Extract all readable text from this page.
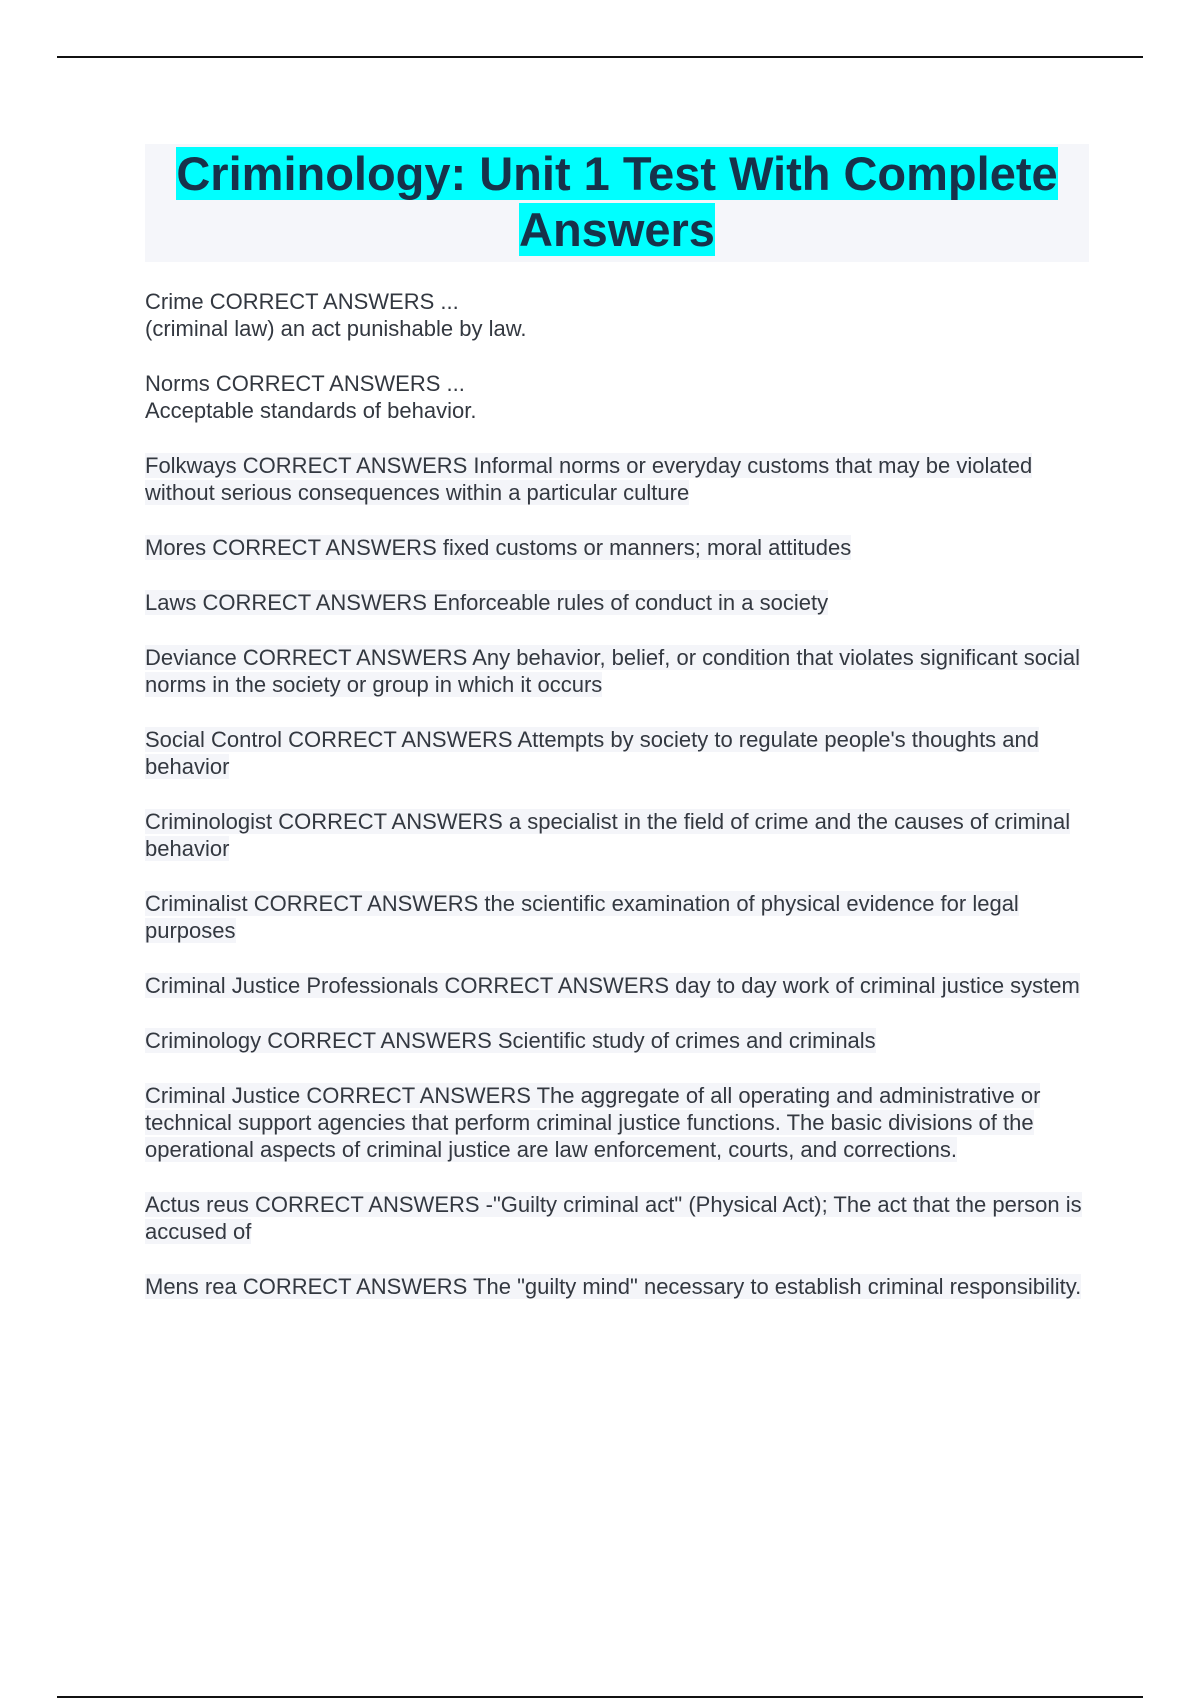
Criminology: Unit 1 Test With Complete Answers

Crime CORRECT ANSWERS ...
(criminal law) an act punishable by law.

Norms CORRECT ANSWERS ...
Acceptable standards of behavior.

Folkways CORRECT ANSWERS Informal norms or everyday customs that may be violated without serious consequences within a particular culture

Mores CORRECT ANSWERS fixed customs or manners; moral attitudes

Laws CORRECT ANSWERS Enforceable rules of conduct in a society

Deviance CORRECT ANSWERS Any behavior, belief, or condition that violates significant social norms in the society or group in which it occurs

Social Control CORRECT ANSWERS Attempts by society to regulate people's thoughts and behavior

Criminologist CORRECT ANSWERS a specialist in the field of crime and the causes of criminal behavior

Criminalist CORRECT ANSWERS the scientific examination of physical evidence for legal purposes

Criminal Justice Professionals CORRECT ANSWERS day to day work of criminal justice system

Criminology CORRECT ANSWERS Scientific study of crimes and criminals

Criminal Justice CORRECT ANSWERS The aggregate of all operating and administrative or technical support agencies that perform criminal justice functions. The basic divisions of the operational aspects of criminal justice are law enforcement, courts, and corrections.

Actus reus CORRECT ANSWERS -"Guilty criminal act" (Physical Act); The act that the person is accused of

Mens rea CORRECT ANSWERS The "guilty mind" necessary to establish criminal responsibility.
